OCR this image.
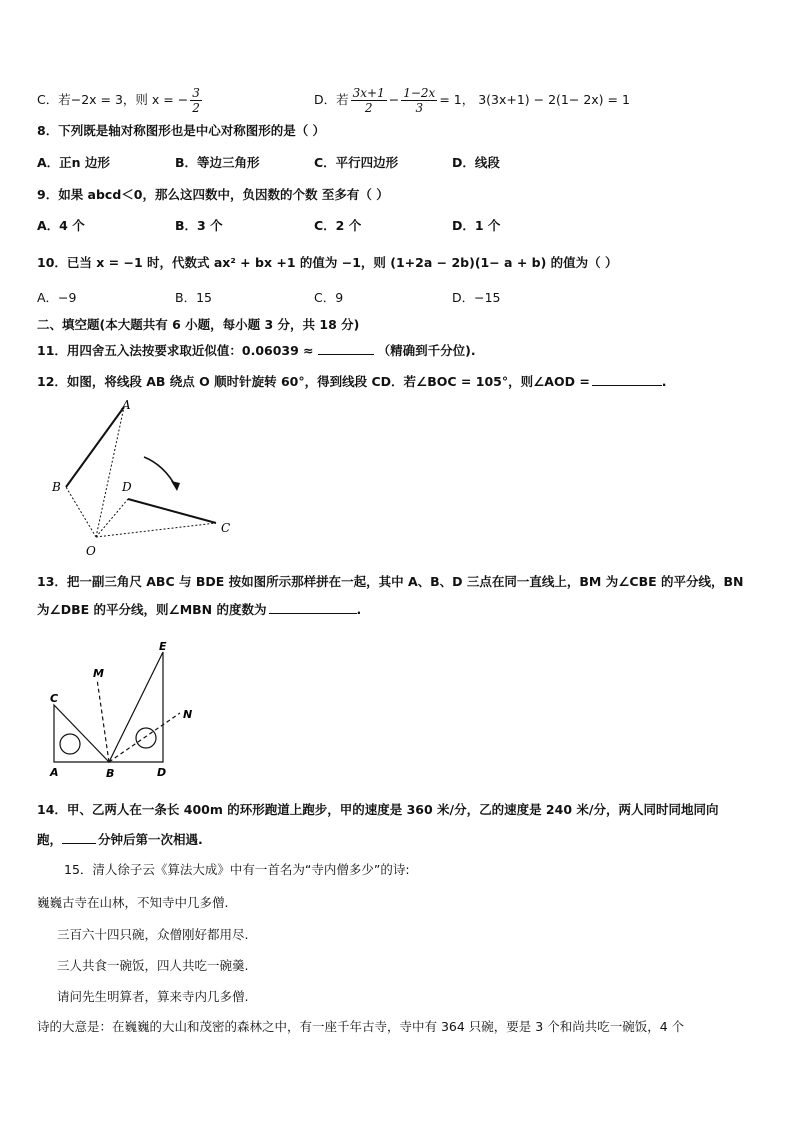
C．若−2x = 3，则 x = − $\frac{3}{2}$	D．若 $\frac{3x+1}{2} - \frac{1-2x}{3} = 1$， 3(3x+1) − 2(1− 2x) = 1
8．下列既是轴对称图形也是中心对称图形的是（ ）
A．正n 边形	B．等边三角形	C．平行四边形	D．线段
9．如果 abcd＜0，那么这四数中，负因数的个数 至多有（ ）
A．4 个	B．3 个	C．2 个	D．1 个
10．已当 x = −1 时，代数式 ax² + bx +1 的值为 −1，则 (1+2a − 2b)(1− a + b) 的值为（ ）
A．−9	B．15	C．9	D．−15
二、填空题(本大题共有 6 小题，每小题 3 分，共 18 分)
11．用四舍五入法按要求取近似值：0.06039 ≈	（精确到千分位).
12．如图，将线段 AB 绕点 O 顺时针旋转 60°，得到线段 CD．若∠BOC = 105°，则∠AOD =	.
A
B
C
D
O
13．把一副三角尺 ABC 与 BDE 按如图所示那样拼在一起，其中 A、B、D 三点在同一直线上，BM 为∠CBE 的平分线，BN
为∠DBE 的平分线，则∠MBN 的度数为	.
C
A	B	D
E
M
N
14．甲、乙两人在一条长 400m 的环形跑道上跑步，甲的速度是 360 米/分，乙的速度是 240 米/分，两人同时同地同向
跑，	分钟后第一次相遇.
15．清人徐子云《算法大成》中有一首名为“寺内僧多少”的诗:
巍巍古寺在山林，不知寺中几多僧.
三百六十四只碗，众僧刚好都用尽.
三人共食一碗饭，四人共吃一碗羹.
请问先生明算者，算来寺内几多僧.
诗的大意是：在巍巍的大山和茂密的森林之中，有一座千年古寺，寺中有 364 只碗，要是 3 个和尚共吃一碗饭，4 个
